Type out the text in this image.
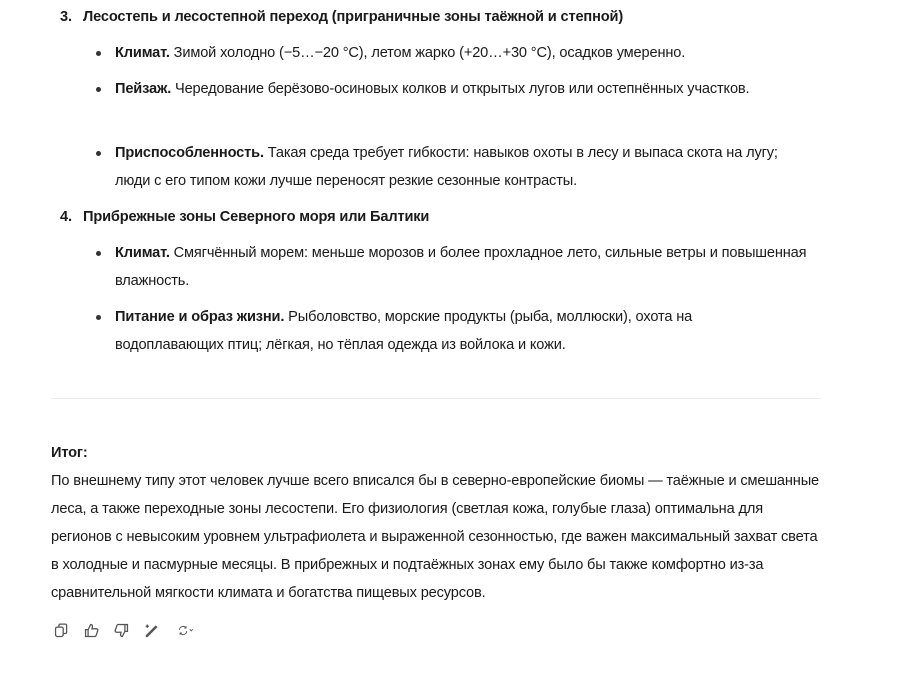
3. Лесостепь и лесостепной переход (приграничные зоны таёжной и степной)
Климат. Зимой холодно (−5…−20 °C), летом жарко (+20…+30 °C), осадков умеренно.
Пейзаж. Чередование берёзово-осиновых колков и открытых лугов или остепнённых участков.
Приспособленность. Такая среда требует гибкости: навыков охоты в лесу и выпаса скота на лугу; люди с его типом кожи лучше переносят резкие сезонные контрасты.
4. Прибрежные зоны Северного моря или Балтики
Климат. Смягчённый морем: меньше морозов и более прохладное лето, сильные ветры и повышенная влажность.
Питание и образ жизни. Рыболовство, морские продукты (рыба, моллюски), охота на водоплавающих птиц; лёгкая, но тёплая одежда из войлока и кожи.
Итог:
По внешнему типу этот человек лучше всего вписался бы в северно-европейские биомы — таёжные и смешанные леса, а также переходные зоны лесостепи. Его физиология (светлая кожа, голубые глаза) оптимальна для регионов с невысоким уровнем ультрафиолета и выраженной сезонностью, где важен максимальный захват света в холодные и пасмурные месяцы. В прибрежных и подтаёжных зонах ему было бы также комфортно из-за сравнительной мягкости климата и богатства пищевых ресурсов.
